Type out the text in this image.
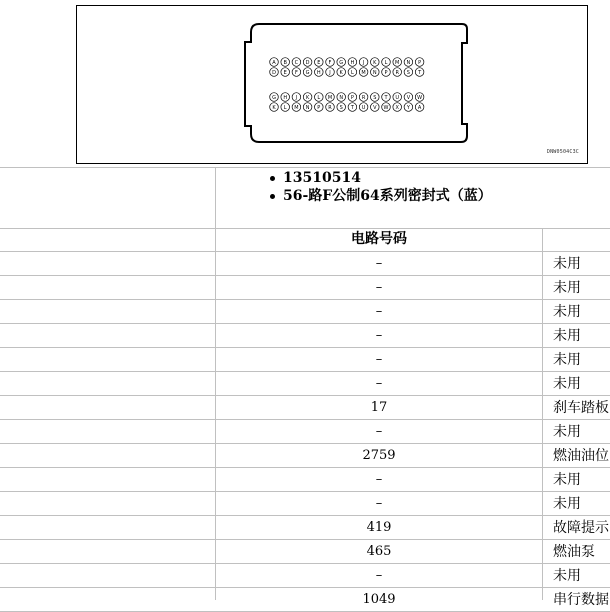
A B C D E F G H J K L M N P
D E F G H J K L M N P R S T
G H J K L M N P R S T U V W
K L M N P R S T U V W X Y A
DNW0504C3C
13510514
56-路F公制64系列密封式（蓝）
电路号码
–	未用
–	未用
–	未用
–	未用
–	未用
–	未用
17	刹车踏板
–	未用
2759	燃油油位
–	未用
–	未用
419	故障提示
465	燃油泵
–	未用
1049	串行数据
